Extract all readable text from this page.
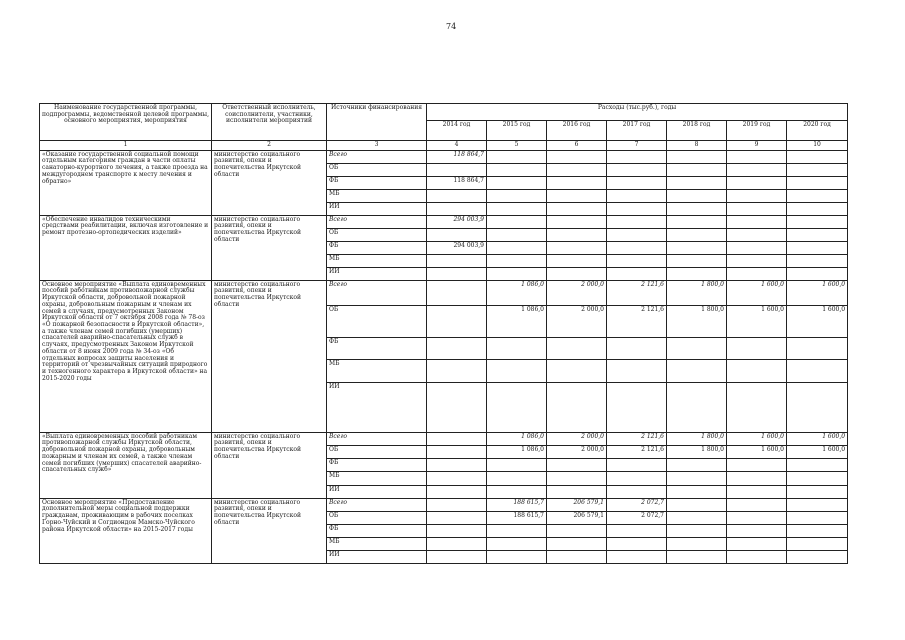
74
Наименование государственной программы, подпрограммы, ведомственной целевой программы, основного мероприятия, мероприятия	Ответственный исполнитель, соисполнители, участники, исполнители мероприятий	Источники финансирования	Расходы (тыс.руб.), годы						
			2014 год	2015 год	2016 год	2017 год	2018 год	2019 год	2020 год
1	2	3	4	5	6	7	8	9	10
«Оказание государственной социальной помощи отдельным категориям граждан в части оплаты санаторно-курортного лечения, а также проезда на междугороднем транспорте к месту лечения и обратно»	министерство социального развития, опеки и попечительства Иркутской области	Всего	118 864,7						
		ОБ							
		ФБ	118 864,7						
		МБ							
		ИИ							
«Обеспечение инвалидов техническими средствами реабилитации, включая изготовление и ремонт протезно-ортопедических изделий»	министерство социального развития, опеки и попечительства Иркутской области	Всего	294 003,9						
		ОБ							
		ФБ	294 003,9						
		МБ							
		ИИ							
Основное мероприятие «Выплата единовременных пособий работникам противопожарной службы Иркутской области, добровольной пожарной охраны, добровольным пожарным и членам их семей в случаях, предусмотренных Законом Иркутской области от 7 октября 2008 года № 78-оз «О пожарной безопасности в Иркутской области», а также членам семей погибших (умерших) спасателей аварийно-спасательных служб в случаях, предусмотренных Законом Иркутской области от 8 июня 2009 года № 34-оз «Об отдельных вопросах защиты населения и территорий от чрезвычайных ситуаций природного и техногенного характера в Иркутской области» на 2015-2020 годы	министерство социального развития, опеки и попечительства Иркутской области	Всего		1 086,0	2 000,0	2 121,6	1 800,0	1 600,0	1 600,0
		ОБ		1 086,0	2 000,0	2 121,6	1 800,0	1 600,0	1 600,0
		ФБ							
		МБ							
		ИИ							
«Выплата единовременных пособий работникам противопожарной службы Иркутской области, добровольной пожарной охраны, добровольным пожарным и членам их семей, а также членам семей погибших (умерших) спасателей аварийно-спасательных служб»	министерство социального развития, опеки и попечительства Иркутской области	Всего		1 086,0	2 000,0	2 121,6	1 800,0	1 600,0	1 600,0
		ОБ		1 086,0	2 000,0	2 121,6	1 800,0	1 600,0	1 600,0
		ФБ							
		МБ							
		ИИ							
Основное мероприятие «Предоставление дополнительной меры социальной поддержки гражданам, проживающим в рабочих поселках Горно-Чуйский и Согдиондон Мамско-Чуйского района Иркутской области» на 2015-2017 годы	министерство социального развития, опеки и попечительства Иркутской области	Всего		188 615,7	206 579,1	2 072,7			
		ОБ		188 615,7	206 579,1	2 072,7			
		ФБ							
		МБ							
		ИИ							
